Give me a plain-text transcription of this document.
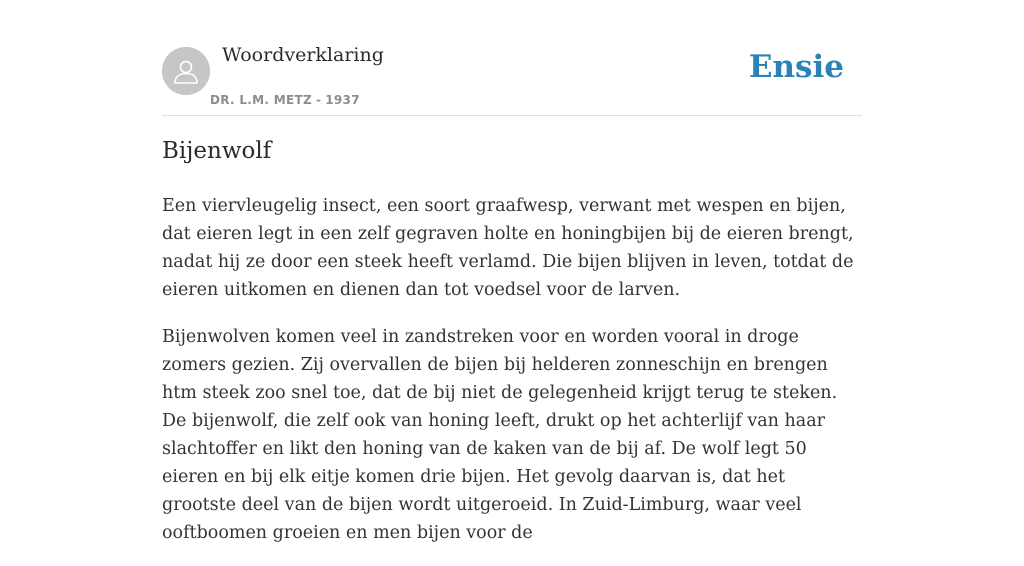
Woordverklaring
DR. L.M. METZ - 1937
Ensie
Bijenwolf

Een viervleugelig insect, een soort graafwesp, verwant met wespen en bijen, dat eieren legt in een zelf gegraven holte en honingbijen bij de eieren brengt, nadat hij ze door een steek heeft verlamd. Die bijen blijven in leven, totdat de eieren uitkomen en dienen dan tot voedsel voor de larven.

Bijenwolven komen veel in zandstreken voor en worden vooral in droge zomers gezien. Zij overvallen de bijen bij helderen zonneschijn en brengen htm steek zoo snel toe, dat de bij niet de gelegenheid krijgt terug te steken. De bijenwolf, die zelf ook van honing leeft, drukt op het achterlijf van haar slachtoffer en likt den honing van de kaken van de bij af. De wolf legt 50 eieren en bij elk eitje komen drie bijen. Het gevolg daarvan is, dat het grootste deel van de bijen wordt uitgeroeid. In Zuid-Limburg, waar veel ooftboomen groeien en men bijen voor de
